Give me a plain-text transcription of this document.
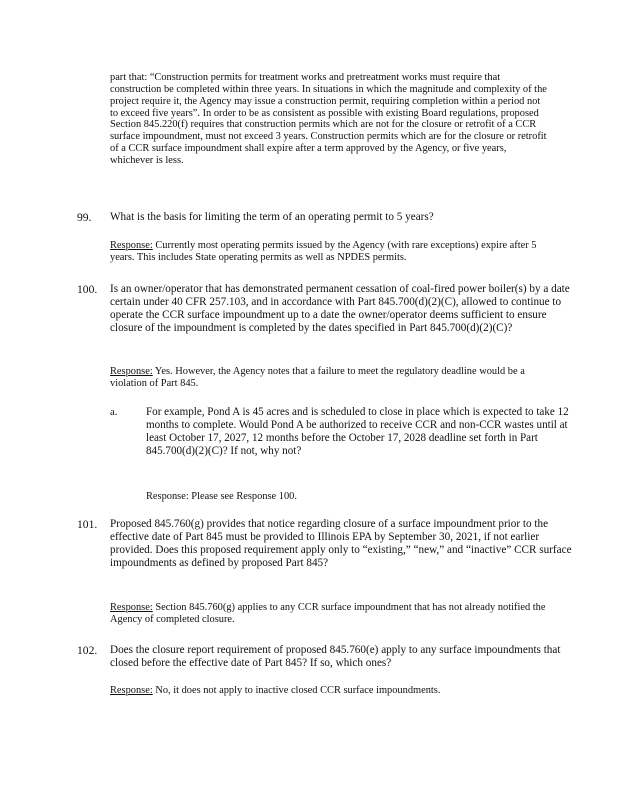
part that: “Construction permits for treatment works and pretreatment works must require that construction be completed within three years. In situations in which the magnitude and complexity of the project require it, the Agency may issue a construction permit, requiring completion within a period not to exceed five years”. In order to be as consistent as possible with existing Board regulations, proposed Section 845.220(f) requires that construction permits which are not for the closure or retrofit of a CCR surface impoundment, must not exceed 3 years. Construction permits which are for the closure or retrofit of a CCR surface impoundment shall expire after a term approved by the Agency, or five years, whichever is less.

99. What is the basis for limiting the term of an operating permit to 5 years?

Response: Currently most operating permits issued by the Agency (with rare exceptions) expire after 5 years. This includes State operating permits as well as NPDES permits.

100. Is an owner/operator that has demonstrated permanent cessation of coal-fired power boiler(s) by a date certain under 40 CFR 257.103, and in accordance with Part 845.700(d)(2)(C), allowed to continue to operate the CCR surface impoundment up to a date the owner/operator deems sufficient to ensure closure of the impoundment is completed by the dates specified in Part 845.700(d)(2)(C)?

Response: Yes. However, the Agency notes that a failure to meet the regulatory deadline would be a violation of Part 845.

a.	For example, Pond A is 45 acres and is scheduled to close in place which is expected to take 12 months to complete. Would Pond A be authorized to receive CCR and non-CCR wastes until at least October 17, 2027, 12 months before the October 17, 2028 deadline set forth in Part 845.700(d)(2)(C)? If not, why not?

Response: Please see Response 100.

101. Proposed 845.760(g) provides that notice regarding closure of a surface impoundment prior to the effective date of Part 845 must be provided to Illinois EPA by September 30, 2021, if not earlier provided. Does this proposed requirement apply only to “existing,” “new,” and “inactive” CCR surface impoundments as defined by proposed Part 845?

Response: Section 845.760(g) applies to any CCR surface impoundment that has not already notified the Agency of completed closure.

102. Does the closure report requirement of proposed 845.760(e) apply to any surface impoundments that closed before the effective date of Part 845? If so, which ones?

Response: No, it does not apply to inactive closed CCR surface impoundments.
